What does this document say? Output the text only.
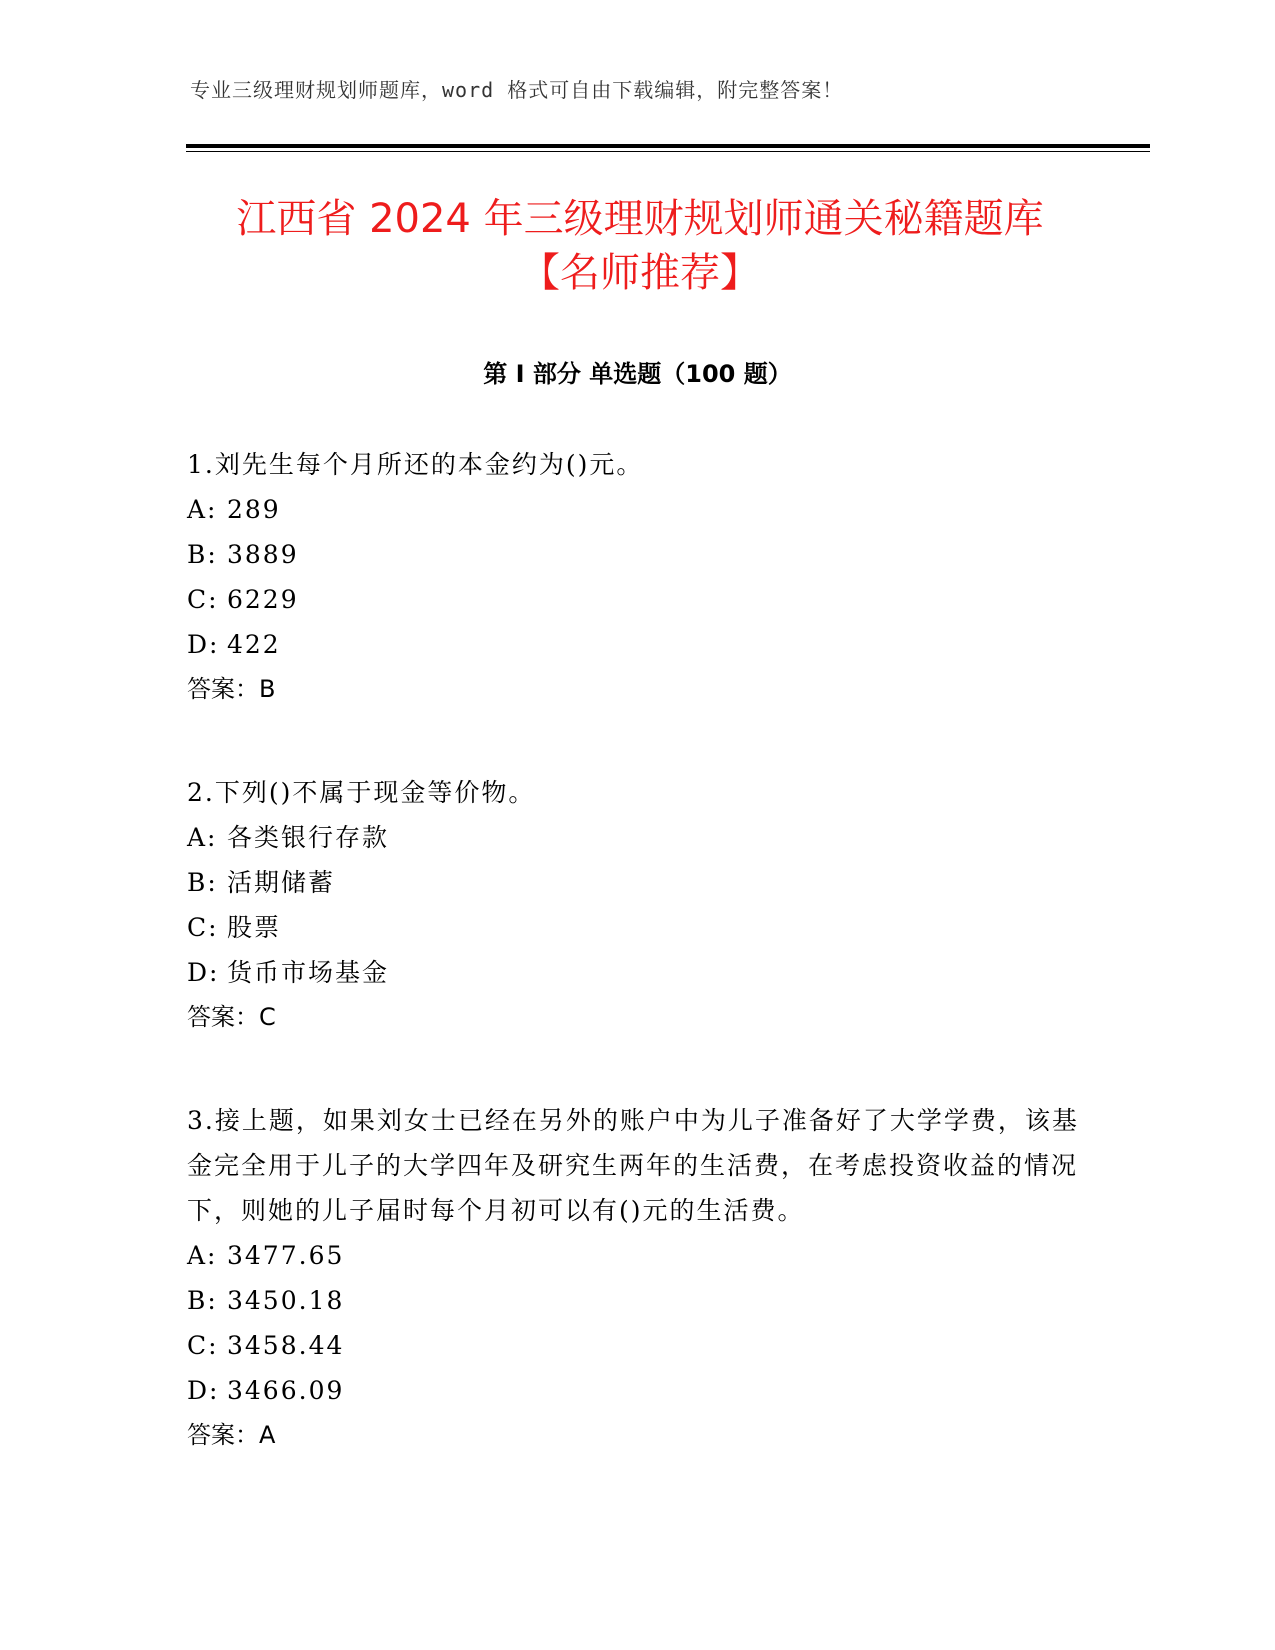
专业三级理财规划师题库，word 格式可自由下载编辑，附完整答案！
江西省 2024 年三级理财规划师通关秘籍题库
【名师推荐】
第 I 部分 单选题（100 题）
1.刘先生每个月所还的本金约为()元。
A: 289
B: 3889
C: 6229
D: 422
答案：B
2.下列()不属于现金等价物。
A: 各类银行存款
B: 活期储蓄
C: 股票
D: 货币市场基金
答案：C
3.接上题，如果刘女士已经在另外的账户中为儿子准备好了大学学费，该基金完全用于儿子的大学四年及研究生两年的生活费，在考虑投资收益的情况下，则她的儿子届时每个月初可以有()元的生活费。
A: 3477.65
B: 3450.18
C: 3458.44
D: 3466.09
答案：A
